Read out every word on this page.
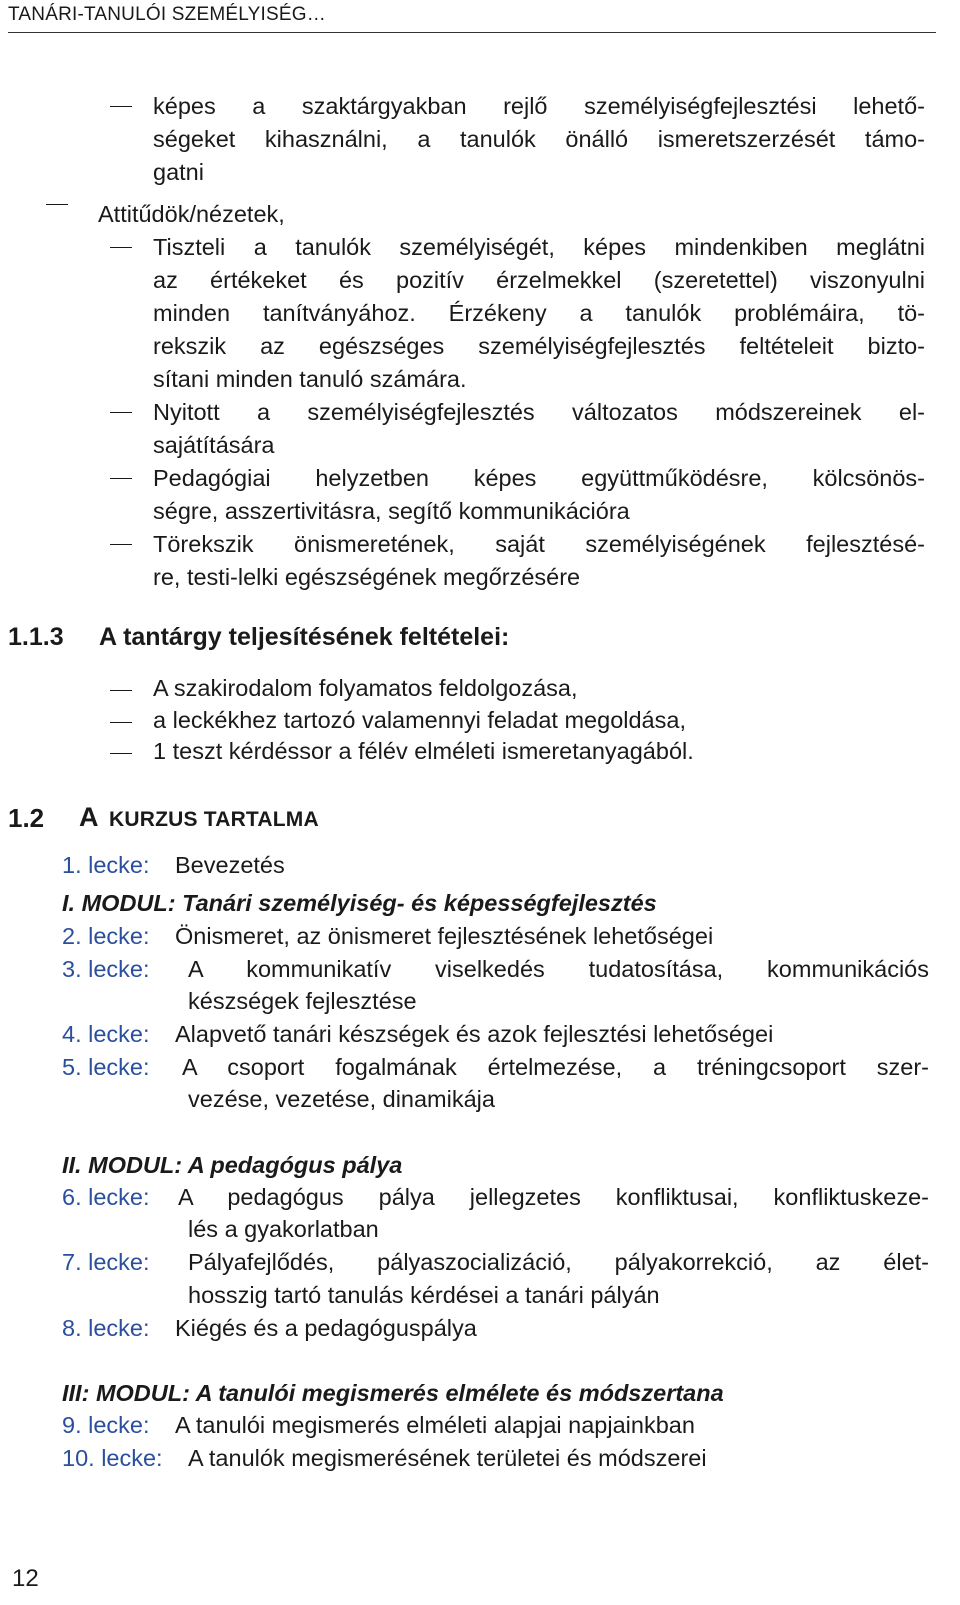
TANÁRI-TANULÓI SZEMÉLYISÉG…
képes a szaktárgyakban rejlő személyiségfejlesztési lehető-
ségeket kihasználni, a tanulók önálló ismeretszerzését támo-
gatni
Attitűdök/nézetek,
Tiszteli a tanulók személyiségét, képes mindenkiben meglátni
az értékeket és pozitív érzelmekkel (szeretettel) viszonyulni
minden tanítványához. Érzékeny a tanulók problémáira, tö-
rekszik az egészséges személyiségfejlesztés feltételeit bizto-
sítani minden tanuló számára.
Nyitott a személyiségfejlesztés változatos módszereinek el-
sajátítására
Pedagógiai helyzetben képes együttműködésre, kölcsönös-
ségre, asszertivitásra, segítő kommunikációra
Törekszik önismeretének, saját személyiségének fejlesztésé-
re, testi-lelki egészségének megőrzésére
1.1.3 A tantárgy teljesítésének feltételei:
A szakirodalom folyamatos feldolgozása,
a leckékhez tartozó valamennyi feladat megoldása,
1 teszt kérdéssor a félév elméleti ismeretanyagából.
1.2 A KURZUS TARTALMA
1. lecke: Bevezetés
I. MODUL: Tanári személyiség- és képességfejlesztés
2. lecke: Önismeret, az önismeret fejlesztésének lehetőségei
3. lecke: A kommunikatív viselkedés tudatosítása, kommunikációs
készségek fejlesztése
4. lecke: Alapvető tanári készségek és azok fejlesztési lehetőségei
5. lecke: A csoport fogalmának értelmezése, a tréningcsoport szer-
vezése, vezetése, dinamikája
II. MODUL: A pedagógus pálya
6. lecke: A pedagógus pálya jellegzetes konfliktusai, konfliktuskeze-
lés a gyakorlatban
7. lecke: Pályafejlődés, pályaszocializáció, pályakorrekció, az élet-
hosszig tartó tanulás kérdései a tanári pályán
8. lecke: Kiégés és a pedagóguspálya
III: MODUL: A tanulói megismerés elmélete és módszertana
9. lecke: A tanulói megismerés elméleti alapjai napjainkban
10. lecke: A tanulók megismerésének területei és módszerei
12
